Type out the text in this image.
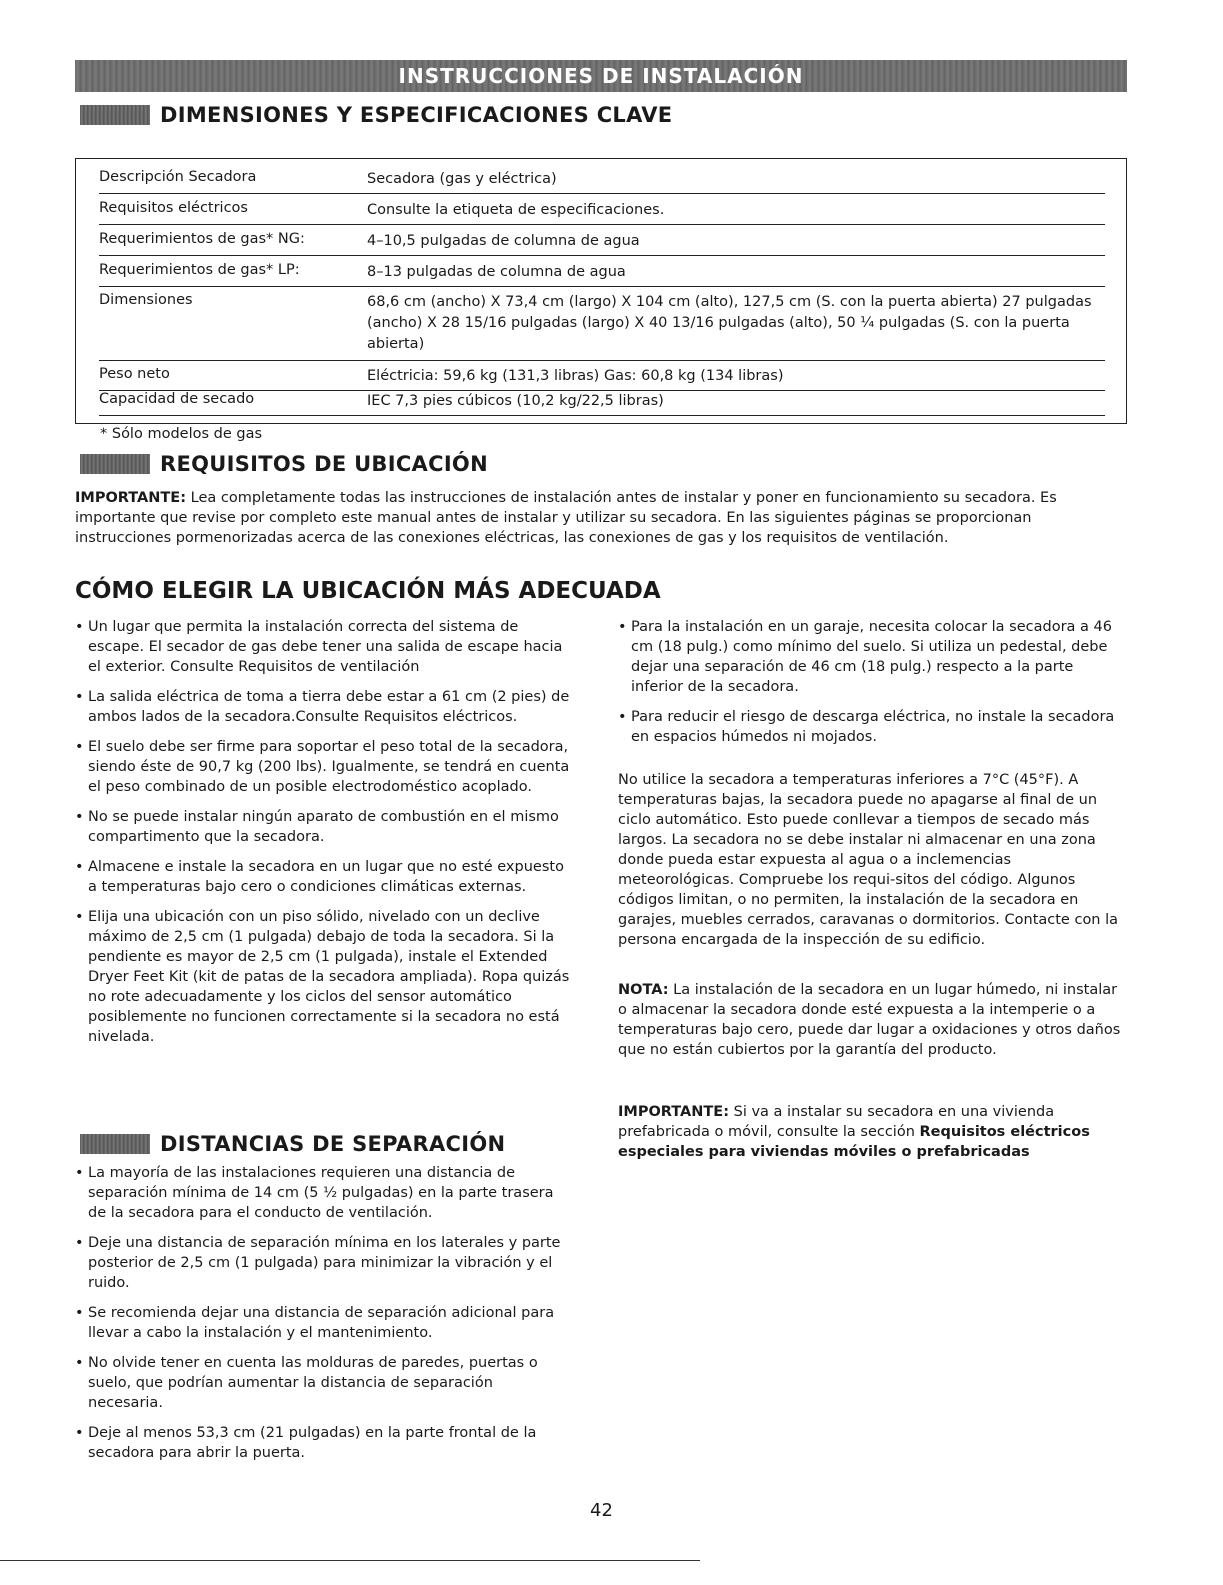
INSTRUCCIONES DE INSTALACIÓN
DIMENSIONES Y ESPECIFICACIONES CLAVE
Descripción Secadora	Secadora (gas y eléctrica)
Requisitos eléctricos	Consulte la etiqueta de especificaciones.
Requerimientos de gas* NG:	4–10,5 pulgadas de columna de agua
Requerimientos de gas* LP:	8–13 pulgadas de columna de agua
Dimensiones	68,6 cm (ancho) X 73,4 cm (largo) X 104 cm (alto), 127,5 cm (S. con la puerta abierta) 27 pulgadas (ancho) X 28 15/16 pulgadas (largo) X 40 13/16 pulgadas (alto), 50 ¼ pulgadas (S. con la puerta abierta)
Peso neto	Eléctricia: 59,6 kg (131,3 libras) Gas: 60,8 kg (134 libras)
Capacidad de secado	IEC 7,3 pies cúbicos (10,2 kg/22,5 libras)
* Sólo modelos de gas
REQUISITOS DE UBICACIÓN
IMPORTANTE: Lea completamente todas las instrucciones de instalación antes de instalar y poner en funcionamiento su secadora. Es importante que revise por completo este manual antes de instalar y utilizar su secadora. En las siguientes páginas se proporcionan instrucciones pormenorizadas acerca de las conexiones eléctricas, las conexiones de gas y los requisitos de ventilación.
CÓMO ELEGIR LA UBICACIÓN MÁS ADECUADA
• Un lugar que permita la instalación correcta del sistema de escape. El secador de gas debe tener una salida de escape hacia el exterior. Consulte Requisitos de ventilación
• La salida eléctrica de toma a tierra debe estar a 61 cm (2 pies) de ambos lados de la secadora.Consulte Requisitos eléctricos.
• El suelo debe ser firme para soportar el peso total de la secadora, siendo éste de 90,7 kg (200 lbs). Igualmente, se tendrá en cuenta el peso combinado de un posible electrodoméstico acoplado.
• No se puede instalar ningún aparato de combustión en el mismo compartimento que la secadora.
• Almacene e instale la secadora en un lugar que no esté expuesto a temperaturas bajo cero o condiciones climáticas externas.
• Elija una ubicación con un piso sólido, nivelado con un declive máximo de 2,5 cm (1 pulgada) debajo de toda la secadora. Si la pendiente es mayor de 2,5 cm (1 pulgada), instale el Extended Dryer Feet Kit (kit de patas de la secadora ampliada). Ropa quizás no rote adecuadamente y los ciclos del sensor automático posiblemente no funcionen correctamente si la secadora no está nivelada.
DISTANCIAS DE SEPARACIÓN
• La mayoría de las instalaciones requieren una distancia de separación mínima de 14 cm (5 ½ pulgadas) en la parte trasera de la secadora para el conducto de ventilación.
• Deje una distancia de separación mínima en los laterales y parte posterior de 2,5 cm (1 pulgada) para minimizar la vibración y el ruido.
• Se recomienda dejar una distancia de separación adicional para llevar a cabo la instalación y el mantenimiento.
• No olvide tener en cuenta las molduras de paredes, puertas o suelo, que podrían aumentar la distancia de separación necesaria.
• Deje al menos 53,3 cm (21 pulgadas) en la parte frontal de la secadora para abrir la puerta.
• Para la instalación en un garaje, necesita colocar la secadora a 46 cm (18 pulg.) como mínimo del suelo. Si utiliza un pedestal, debe dejar una separación de 46 cm (18 pulg.) respecto a la parte inferior de la secadora.
• Para reducir el riesgo de descarga eléctrica, no instale la secadora en espacios húmedos ni mojados.
No utilice la secadora a temperaturas inferiores a 7°C (45°F). A temperaturas bajas, la secadora puede no apagarse al final de un ciclo automático. Esto puede conllevar a tiempos de secado más largos. La secadora no se debe instalar ni almacenar en una zona donde pueda estar expuesta al agua o a inclemencias meteorológicas. Compruebe los requi-sitos del código. Algunos códigos limitan, o no permiten, la instalación de la secadora en garajes, muebles cerrados, caravanas o dormitorios. Contacte con la persona encargada de la inspección de su edificio.
NOTA: La instalación de la secadora en un lugar húmedo, ni instalar o almacenar la secadora donde esté expuesta a la intemperie o a temperaturas bajo cero, puede dar lugar a oxidaciones y otros daños que no están cubiertos por la garantía del producto.
IMPORTANTE: Si va a instalar su secadora en una vivienda prefabricada o móvil, consulte la sección Requisitos eléctricos especiales para viviendas móviles o prefabricadas
42
